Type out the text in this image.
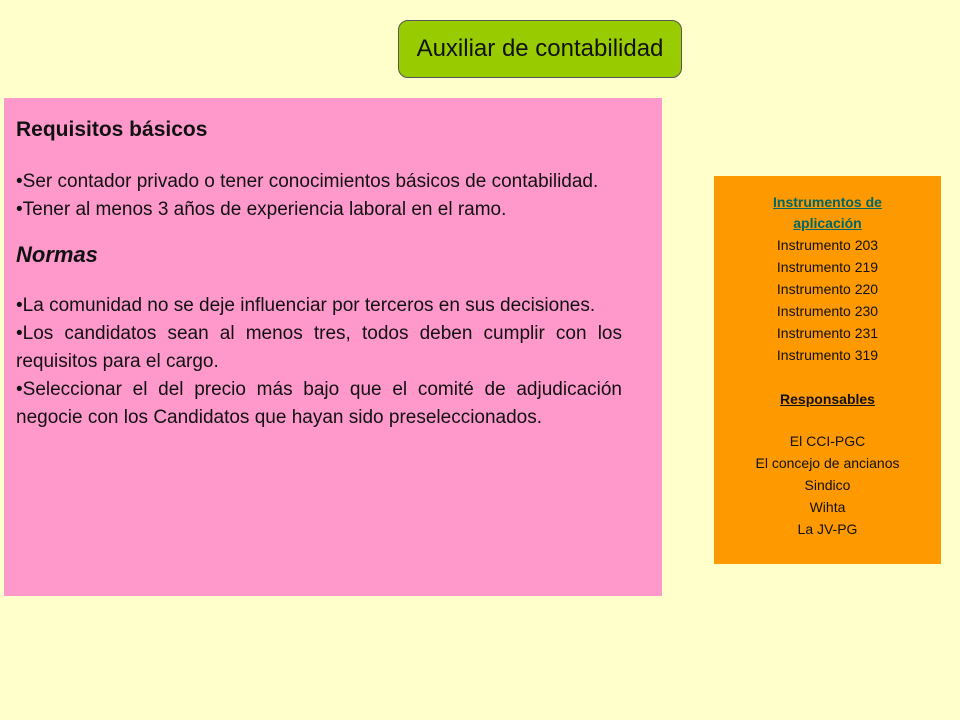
Auxiliar de contabilidad
Requisitos básicos

•Ser contador privado o tener conocimientos básicos de contabilidad.

•Tener al menos 3 años de experiencia laboral en el ramo.

Normas

•La comunidad no se deje influenciar por terceros en sus decisiones.

•Los candidatos sean al menos tres, todos deben cumplir con los requisitos para el cargo.

•Seleccionar el del precio más bajo que el comité de adjudicación negocie con los Candidatos que hayan sido preseleccionados.

Instrumentos de aplicación
Instrumento 203
Instrumento 219
Instrumento 220
Instrumento 230
Instrumento 231
Instrumento 319
Responsables
El CCI-PGC
El concejo de ancianos
Sindico
Wihta
La JV-PG
